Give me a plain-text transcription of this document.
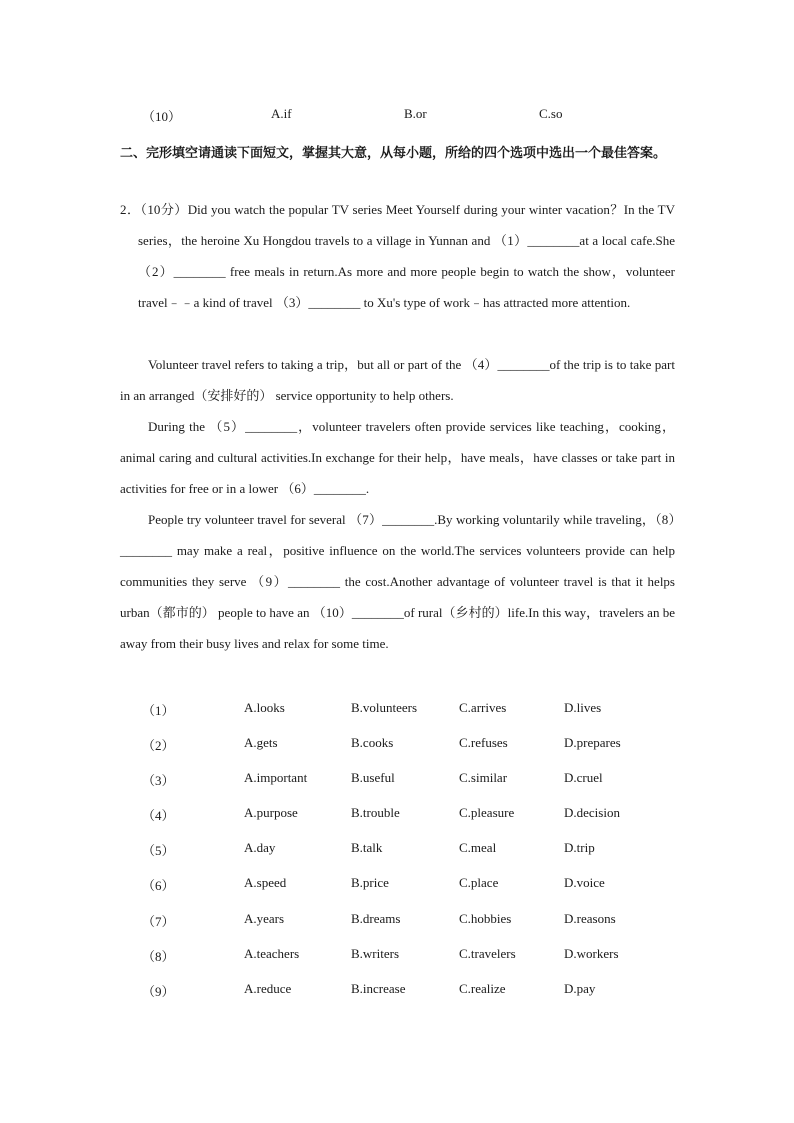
（10）	A.if	B.or	C.so
二、完形填空请通读下面短文，掌握其大意，从每小题，所给的四个选项中选出一个最佳答案。
2．（10分）Did you watch the popular TV series Meet Yourself during your winter vacation？In the TV series，the heroine Xu Hongdou travels to a village in Yunnan and （1）________at a local cafe.She （2）________ free meals in return.As more and more people begin to watch the show，volunteer travel﹣﹣a kind of travel （3）________ to Xu's type of work﹣has attracted more attention.

Volunteer travel refers to taking a trip，but all or part of the （4）________of the trip is to take part in an arranged（安排好的） service opportunity to help others.

During the （5）________，volunteer travelers often provide services like teaching，cooking，animal caring and cultural activities.In exchange for their help，have meals，have classes or take part in activities for free or in a lower （6）________.

People try volunteer travel for several （7）________.By working voluntarily while traveling，（8）________ may make a real，positive influence on the world.The services volunteers provide can help communities they serve （9）________ the cost.Another advantage of volunteer travel is that it helps urban（都市的） people to have an （10）________of rural（乡村的）life.In this way，travelers an be away from their busy lives and relax for some time.

（1）	A.looks	B.volunteers	C.arrives	D.lives
（2）	A.gets	B.cooks	C.refuses	D.prepares
（3）	A.important	B.useful	C.similar	D.cruel
（4）	A.purpose	B.trouble	C.pleasure	D.decision
（5）	A.day	B.talk	C.meal	D.trip
（6）	A.speed	B.price	C.place	D.voice
（7）	A.years	B.dreams	C.hobbies	D.reasons
（8）	A.teachers	B.writers	C.travelers	D.workers
（9）	A.reduce	B.increase	C.realize	D.pay
